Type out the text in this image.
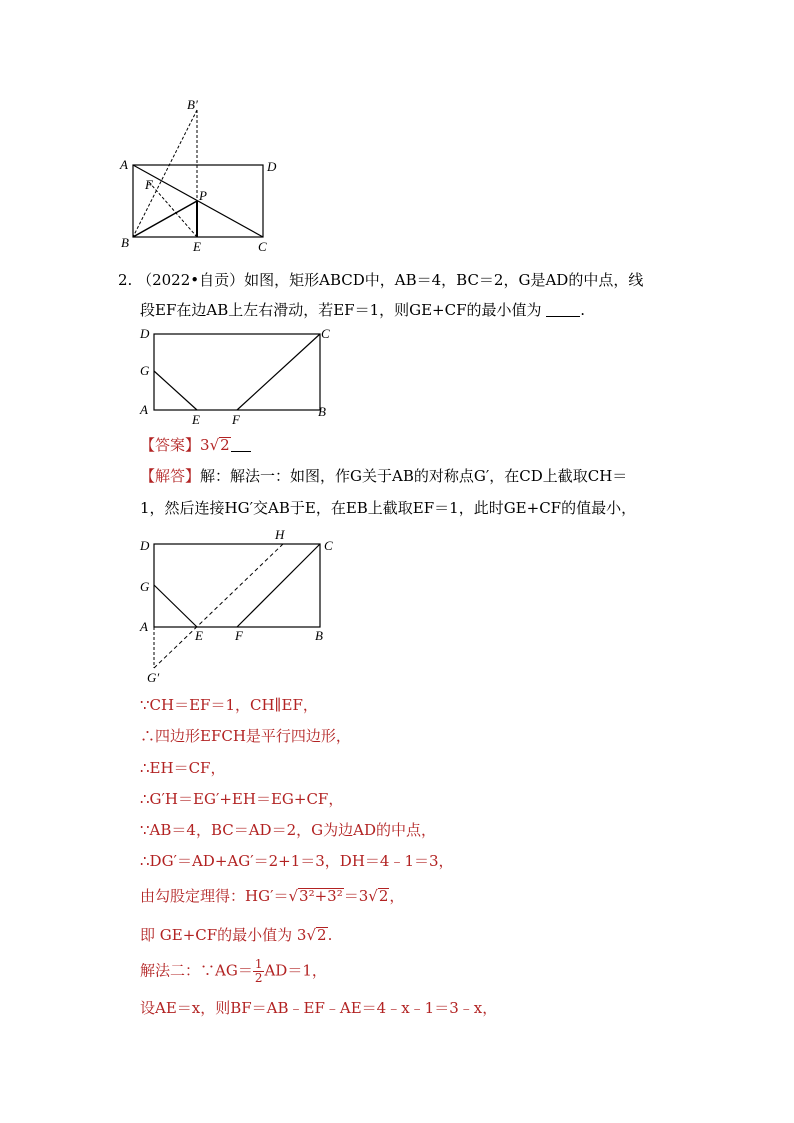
B′
A	D
F
P
B	E	C
2. （2022•自贡）如图，矩形ABCD中，AB＝4，BC＝2，G是AD的中点，线
段EF在边AB上左右滑动，若EF＝1，则GE+CF的最小值为	.
D	C
G
A
E F
B
【答案】3√2
【解答】解：解法一：如图，作G关于AB的对称点G′，在CD上截取CH＝
1，然后连接HG′交AB于E，在EB上截取EF＝1，此时GE+CF的值最小，
D
H
C
G
A
E F	B
G′
∵CH＝EF＝1，CH∥EF，
∴四边形EFCH是平行四边形，
∴EH＝CF，
∴G′H＝EG′+EH＝EG+CF，
∵AB＝4，BC＝AD＝2，G为边AD的中点，
∴DG′＝AD+AG′＝2+1＝3，DH＝4﹣1＝3，
由勾股定理得：HG′＝√3²+3²＝3√2，
即 GE+CF的最小值为 3√2.
解法二：∵AG＝ $\frac{1}{2} AD=1$，
设AE＝x，则BF＝AB﹣EF﹣AE＝4﹣x﹣1＝3﹣x，
